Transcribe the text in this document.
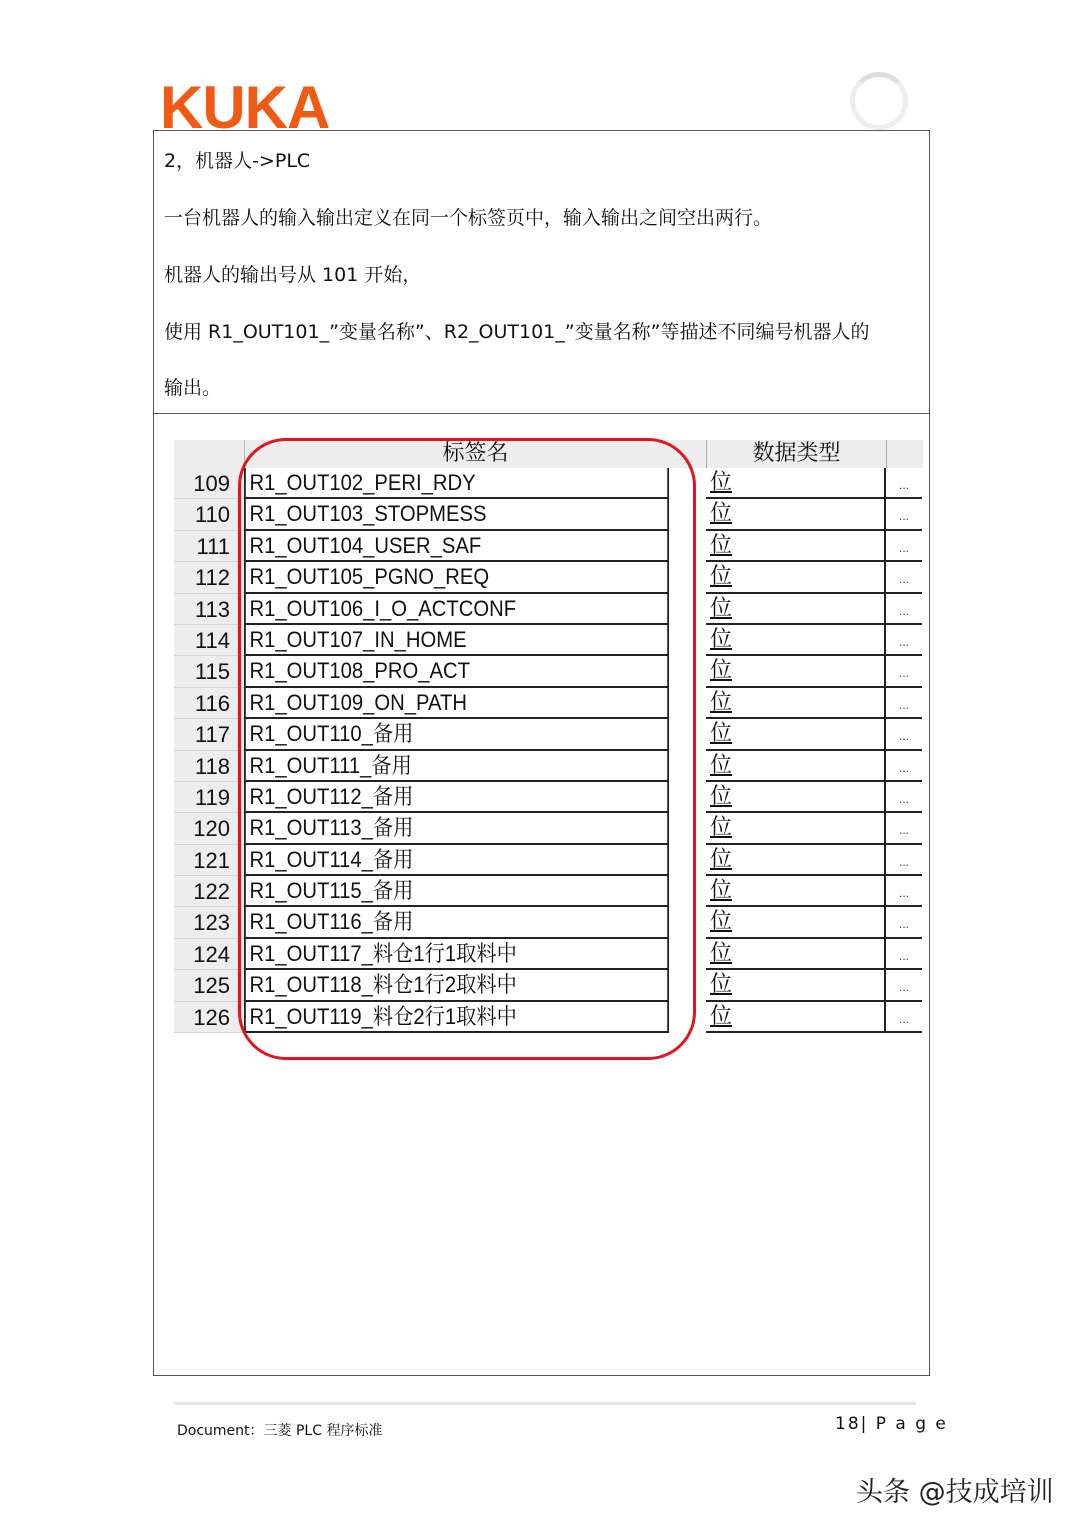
KUKA
2，机器人->PLC
一台机器人的输入输出定义在同一个标签页中，输入输出之间空出两行。
机器人的输出号从 101 开始，
使用 R1_OUT101_”变量名称”、R2_OUT101_”变量名称”等描述不同编号机器人的
输出。
标签名	数据类型
109 R1_OUT102_PERI_RDY	位	...
110 R1_OUT103_STOPMESS	位	...
111 R1_OUT104_USER_SAF	位	...
112 R1_OUT105_PGNO_REQ	位	...
113 R1_OUT106_I_O_ACTCONF	位	...
114 R1_OUT107_IN_HOME	位	...
115 R1_OUT108_PRO_ACT	位	...
116 R1_OUT109_ON_PATH	位	...
117 R1_OUT110_备用	位	...
118 R1_OUT111_备用	位	...
119 R1_OUT112_备用	位	...
120 R1_OUT113_备用	位	...
121 R1_OUT114_备用	位	...
122 R1_OUT115_备用	位	...
123 R1_OUT116_备用	位	...
124 R1_OUT117_料仓1行1取料中	位	...
125 R1_OUT118_料仓1行2取料中	位	...
126 R1_OUT119_料仓2行1取料中	位	...
Document：三菱 PLC 程序标准	18| P a g e
头条 @技成培训
